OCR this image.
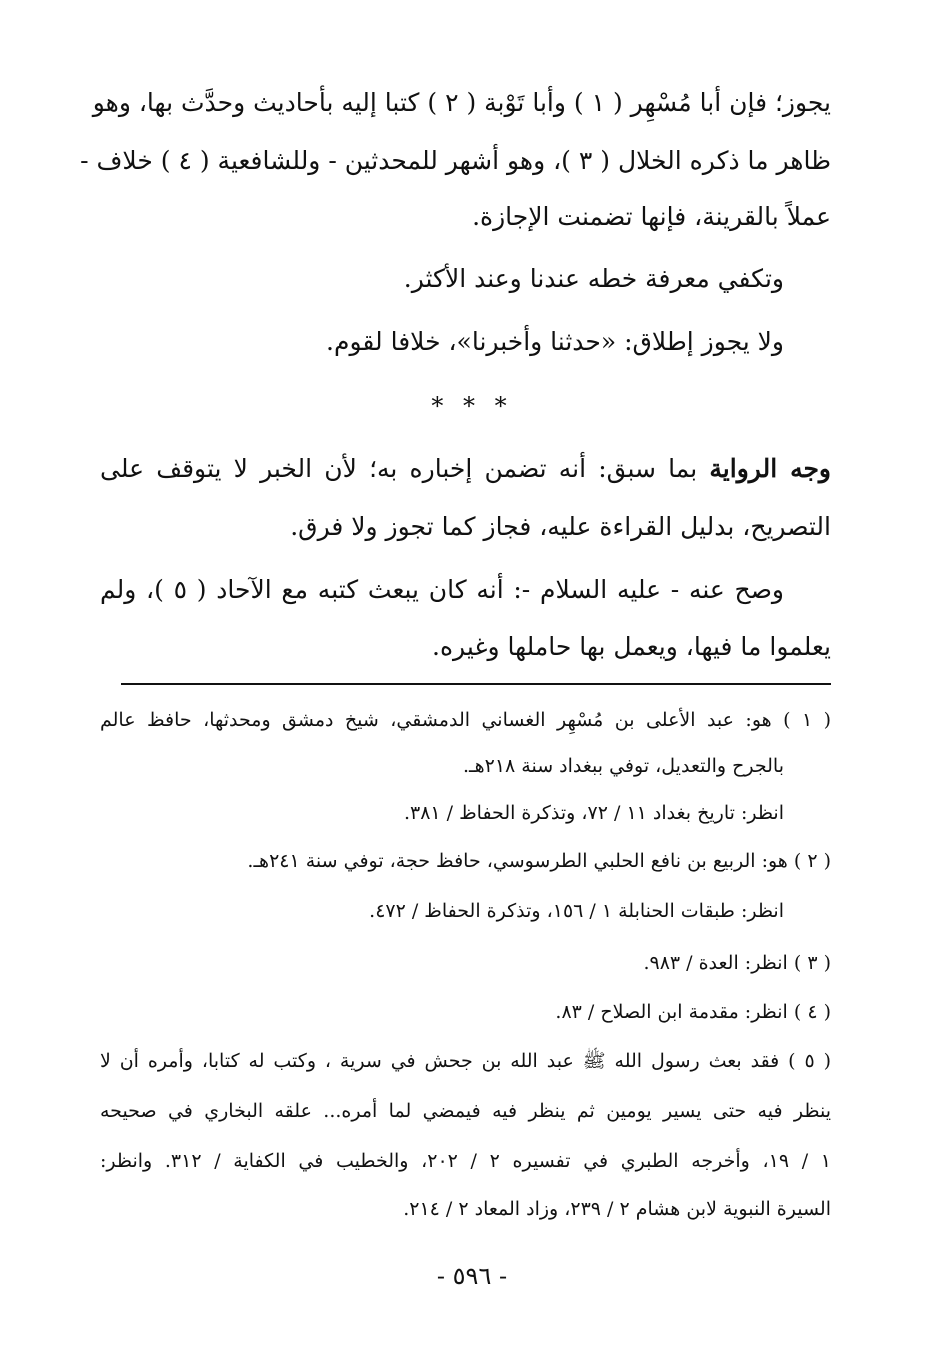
يجوز؛ فإن أبا مُسْهِر ( ١ ) وأبا تَوْبة ( ٢ ) كتبا إليه بأحاديث وحدَّث بها، وهو
ظاهر ما ذكره الخلال ( ٣ )، وهو أشهر للمحدثين - وللشافعية ( ٤ ) خلاف -
عملاً بالقرينة، فإنها تضمنت الإجازة.
وتكفي معرفة خطه عندنا وعند الأكثر.
ولا يجوز إطلاق: «حدثنا وأخبرنا»، خلافا لقوم.
* * *
وجه الرواية بما سبق: أنه تضمن إخباره به؛ لأن الخبر لا يتوقف على
التصريح، بدليل القراءة عليه، فجاز كما تجوز ولا فرق.
وصح عنه - عليه السلام -: أنه كان يبعث كتبه مع الآحاد ( ٥ )، ولم
يعلموا ما فيها، ويعمل بها حاملها وغيره.
( ١ ) هو: عبد الأعلى بن مُسْهِر الغساني الدمشقي، شيخ دمشق ومحدثها، حافظ عالم
بالجرح والتعديل، توفي ببغداد سنة ٢١٨هـ.
انظر: تاريخ بغداد ١١ / ٧٢، وتذكرة الحفاظ / ٣٨١.
( ٢ ) هو: الربيع بن نافع الحلبي الطرسوسي، حافظ حجة، توفي سنة ٢٤١هـ.
انظر: طبقات الحنابلة ١ / ١٥٦، وتذكرة الحفاظ / ٤٧٢.
( ٣ ) انظر: العدة / ٩٨٣.
( ٤ ) انظر: مقدمة ابن الصلاح / ٨٣.
( ٥ ) فقد بعث رسول الله ﷺ عبد الله بن جحش في سرية ، وكتب له كتابا، وأمره أن لا
ينظر فيه حتى يسير يومين ثم ينظر فيه فيمضي لما أمره... علقه البخاري في صحيحه
١ / ١٩، وأخرجه الطبري في تفسيره ٢ / ٢٠٢، والخطيب في الكفاية / ٣١٢. وانظر:
السيرة النبوية لابن هشام ٢ / ٢٣٩، وزاد المعاد ٢ / ٢١٤.
- ٥٩٦ -
